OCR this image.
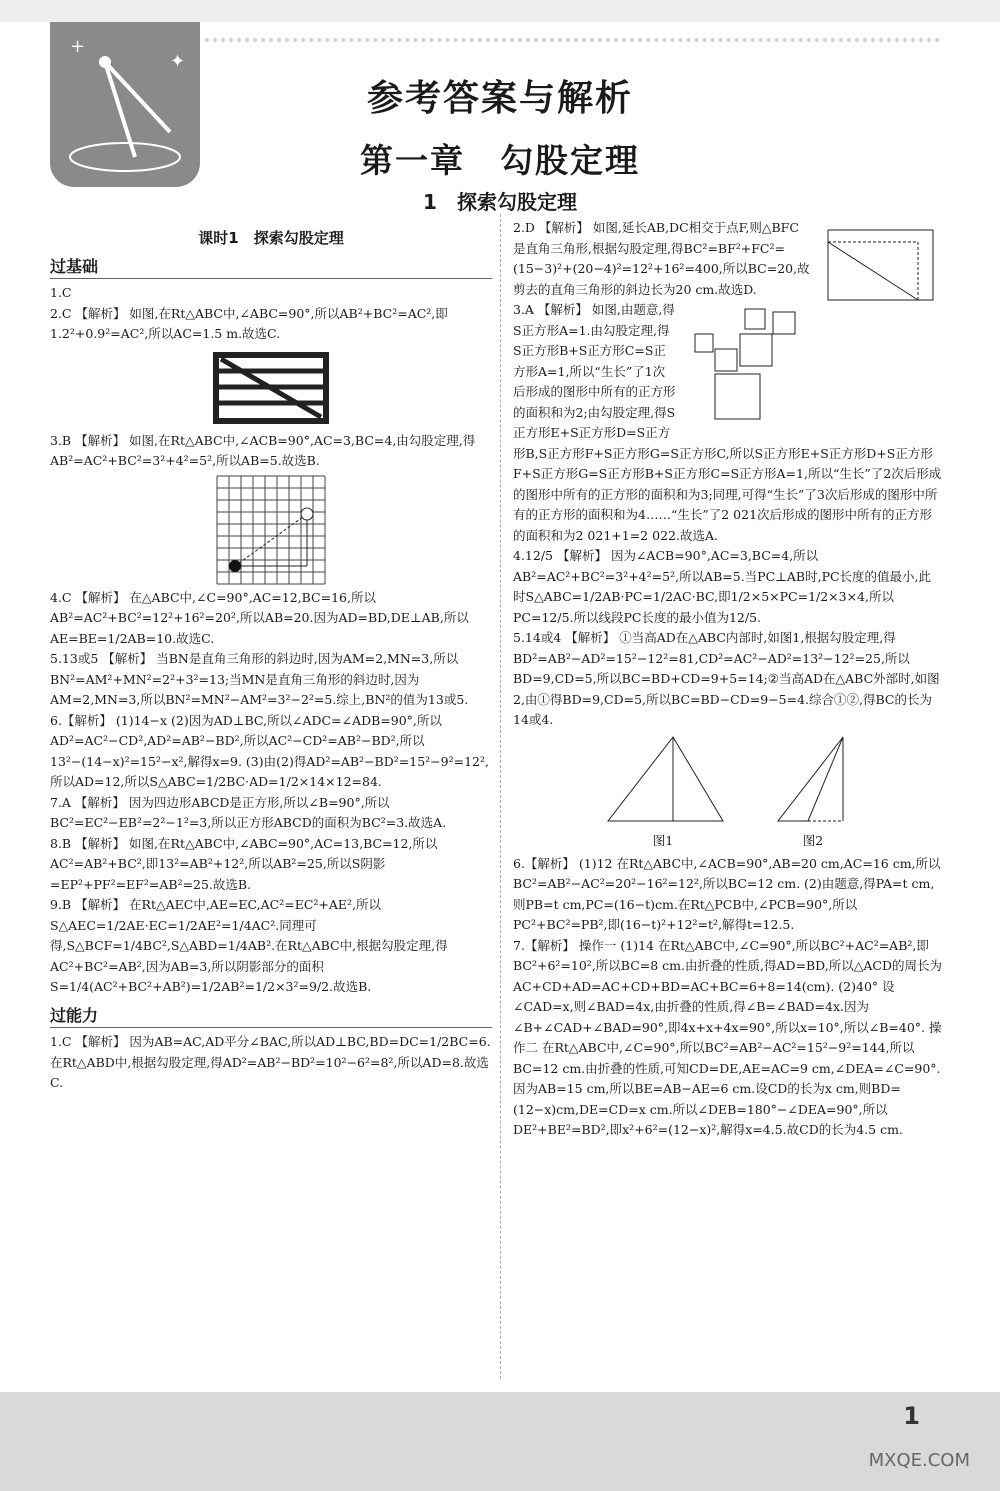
+
✦
参考答案与解析
第一章　勾股定理
1　探索勾股定理
课时1　探索勾股定理
过基础

1.C

2.C 【解析】 如图,在Rt△ABC中,∠ABC=90°,所以AB²+BC²=AC²,即1.2²+0.9²=AC²,所以AC=1.5 m.故选C.

3.B 【解析】 如图,在Rt△ABC中,∠ACB=90°,AC=3,BC=4,由勾股定理,得AB²=AC²+BC²=3²+4²=5²,所以AB=5.故选B.

4.C 【解析】 在△ABC中,∠C=90°,AC=12,BC=16,所以AB²=AC²+BC²=12²+16²=20²,所以AB=20.因为AD=BD,DE⊥AB,所以AE=BE=1/2AB=10.故选C.

5.13或5 【解析】 当BN是直角三角形的斜边时,因为AM=2,MN=3,所以BN²=AM²+MN²=2²+3²=13;当MN是直角三角形的斜边时,因为AM=2,MN=3,所以BN²=MN²−AM²=3²−2²=5.综上,BN²的值为13或5.

6.【解析】 (1)14−x (2)因为AD⊥BC,所以∠ADC=∠ADB=90°,所以AD²=AC²−CD²,AD²=AB²−BD²,所以AC²−CD²=AB²−BD²,所以13²−(14−x)²=15²−x²,解得x=9. (3)由(2)得AD²=AB²−BD²=15²−9²=12²,所以AD=12,所以S△ABC=1/2BC·AD=1/2×14×12=84.

7.A 【解析】 因为四边形ABCD是正方形,所以∠B=90°,所以BC²=EC²−EB²=2²−1²=3,所以正方形ABCD的面积为BC²=3.故选A.

8.B 【解析】 如图,在Rt△ABC中,∠ABC=90°,AC=13,BC=12,所以AC²=AB²+BC²,即13²=AB²+12²,所以AB²=25,所以S阴影=EP²+PF²=EF²=AB²=25.故选B.

9.B 【解析】 在Rt△AEC中,AE=EC,AC²=EC²+AE²,所以S△AEC=1/2AE·EC=1/2AE²=1/4AC².同理可得,S△BCF=1/4BC²,S△ABD=1/4AB².在Rt△ABC中,根据勾股定理,得AC²+BC²=AB²,因为AB=3,所以阴影部分的面积S=1/4(AC²+BC²+AB²)=1/2AB²=1/2×3²=9/2.故选B.

过能力

1.C 【解析】 因为AB=AC,AD平分∠BAC,所以AD⊥BC,BD=DC=1/2BC=6.在Rt△ABD中,根据勾股定理,得AD²=AB²−BD²=10²−6²=8²,所以AD=8.故选C.

2.D 【解析】 如图,延长AB,DC相交于点F,则△BFC是直角三角形,根据勾股定理,得BC²=BF²+FC²=(15−3)²+(20−4)²=12²+16²=400,所以BC=20,故剪去的直角三角形的斜边长为20 cm.故选D.

3.A 【解析】 如图,由题意,得S正方形A=1.由勾股定理,得S正方形B+S正方形C=S正方形A=1,所以“生长”了1次后形成的图形中所有的正方形的面积和为2;由勾股定理,得S正方形E+S正方形D=S正方形B,S正方形F+S正方形G=S正方形C,所以S正方形E+S正方形D+S正方形F+S正方形G=S正方形B+S正方形C=S正方形A=1,所以“生长”了2次后形成的图形中所有的正方形的面积和为3;同理,可得“生长”了3次后形成的图形中所有的正方形的面积和为4……“生长”了2 021次后形成的图形中所有的正方形的面积和为2 021+1=2 022.故选A.

4.12/5 【解析】 因为∠ACB=90°,AC=3,BC=4,所以AB²=AC²+BC²=3²+4²=5²,所以AB=5.当PC⊥AB时,PC长度的值最小,此时S△ABC=1/2AB·PC=1/2AC·BC,即1/2×5×PC=1/2×3×4,所以PC=12/5.所以线段PC长度的最小值为12/5.

5.14或4 【解析】 ①当高AD在△ABC内部时,如图1,根据勾股定理,得BD²=AB²−AD²=15²−12²=81,CD²=AC²−AD²=13²−12²=25,所以BD=9,CD=5,所以BC=BD+CD=9+5=14;②当高AD在△ABC外部时,如图2,由①得BD=9,CD=5,所以BC=BD−CD=9−5=4.综合①②,得BC的长为14或4.

图1	图2

6.【解析】 (1)12 在Rt△ABC中,∠ACB=90°,AB=20 cm,AC=16 cm,所以BC²=AB²−AC²=20²−16²=12²,所以BC=12 cm. (2)由题意,得PA=t cm,则PB=t cm,PC=(16−t)cm.在Rt△PCB中,∠PCB=90°,所以PC²+BC²=PB²,即(16−t)²+12²=t²,解得t=12.5.

7.【解析】 操作一 (1)14 在Rt△ABC中,∠C=90°,所以BC²+AC²=AB²,即BC²+6²=10²,所以BC=8 cm.由折叠的性质,得AD=BD,所以△ACD的周长为AC+CD+AD=AC+CD+BD=AC+BC=6+8=14(cm). (2)40° 设∠CAD=x,则∠BAD=4x,由折叠的性质,得∠B=∠BAD=4x.因为∠B+∠CAD+∠BAD=90°,即4x+x+4x=90°,所以x=10°,所以∠B=40°. 操作二 在Rt△ABC中,∠C=90°,所以BC²=AB²−AC²=15²−9²=144,所以BC=12 cm.由折叠的性质,可知CD=DE,AE=AC=9 cm,∠DEA=∠C=90°.因为AB=15 cm,所以BE=AB−AE=6 cm.设CD的长为x cm,则BD=(12−x)cm,DE=CD=x cm.所以∠DEB=180°−∠DEA=90°,所以DE²+BE²=BD²,即x²+6²=(12−x)²,解得x=4.5.故CD的长为4.5 cm.

1
MXQE.COM
